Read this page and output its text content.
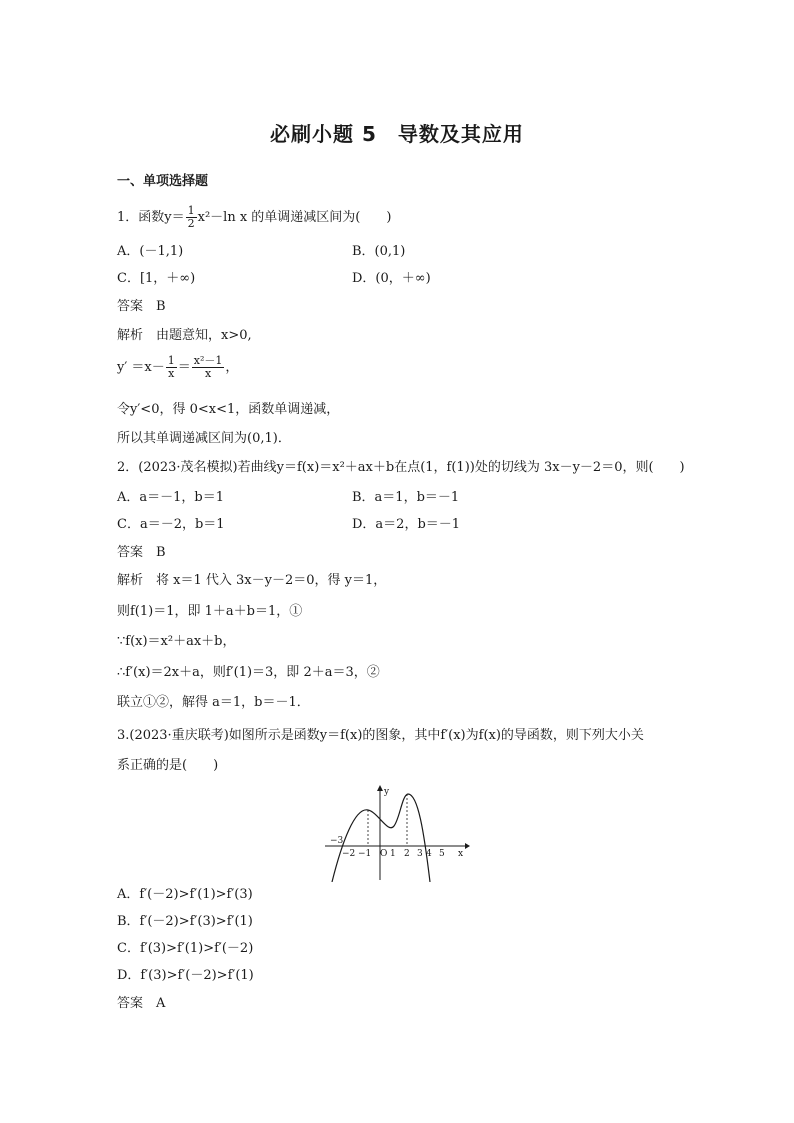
必刷小题 5　导数及其应用
一、单项选择题
1．函数$y= \frac{1}{2} x^2-\ln$ x 的单调递减区间为(　　)
A．(－1,1)	B．(0,1)
C．[1，＋∞)	D．(0，＋∞)
答案　B
解析　由题意知，x>0,
$y' =x- \frac{1}{x} = \frac{\text{x²－1}}{x}$ ，
令y′<0，得 0<x<1，函数单调递减，
所以其单调递减区间为(0,1)．
2．(2023·茂名模拟)若曲线y＝f(x)＝x²＋ax＋b在点(1，f(1))处的切线为 3x－y－2＝0，则(　　)
A．a＝－1，b＝1	B．a＝1，b＝－1
C．a＝－2，b＝1	D．a＝2，b＝－1
答案　B
解析　将 x＝1 代入 3x－y－2＝0，得 y＝1，
则f(1)＝1，即 1＋a＋b＝1，①
∵f(x)＝x²＋ax＋b，
∴f′(x)＝2x＋a，则f′(1)＝3，即 2＋a＝3，②
联立①②，解得 a＝1，b＝－1．
3.(2023·重庆联考)如图所示是函数y＝f(x)的图象，其中f′(x)为f(x)的导函数，则下列大小关
系正确的是(　　)
y
x
−3
−2 −1 O 1 2 3 4 5
A．f′(－2)>f′(1)>f′(3)
B．f′(－2)>f′(3)>f′(1)
C．f′(3)>f′(1)>f′(－2)
D．f′(3)>f′(－2)>f′(1)
答案　A
